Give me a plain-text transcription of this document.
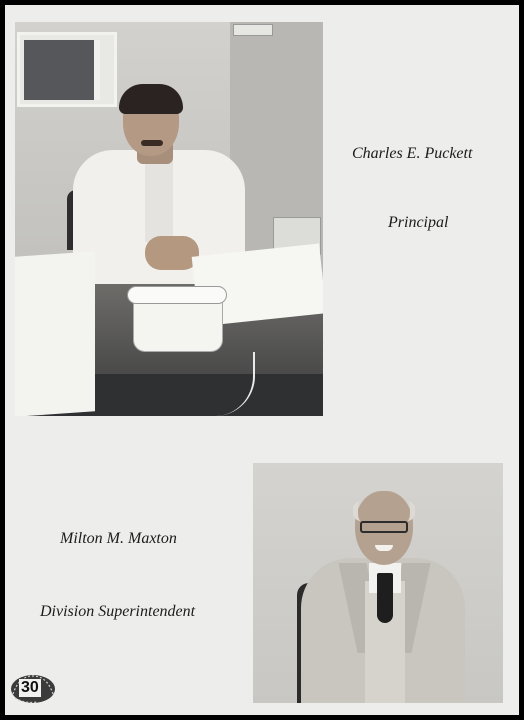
Charles E. Puckett
Principal
Milton M. Maxton
Division Superintendent
30
